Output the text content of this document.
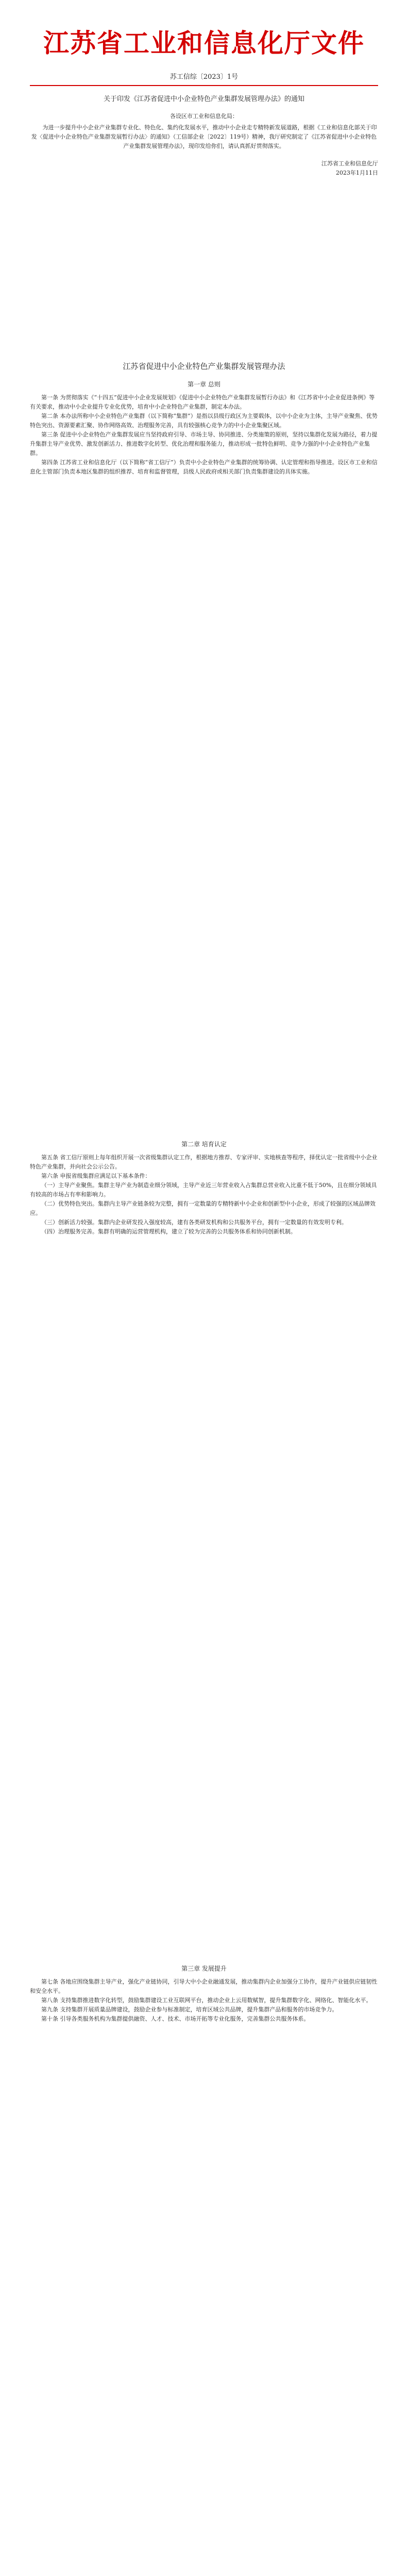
江苏省工业和信息化厅文件
苏工信综〔2023〕1号
关于印发《江苏省促进中小企业特色产业集群发展管理办法》的通知
各设区市工业和信息化局：

为进一步提升中小企业产业集群专业化、特色化、集约化发展水平，推动中小企业走专精特新发展道路，根据《工业和信息化部关于印发〈促进中小企业特色产业集群发展暂行办法〉的通知》（工信部企业〔2022〕119号）精神，我厅研究制定了《江苏省促进中小企业特色产业集群发展管理办法》，现印发给你们，请认真抓好贯彻落实。

江苏省工业和信息化厅
2023年1月11日
江苏省促进中小企业特色产业集群发展管理办法
第一章 总则

第一条 为贯彻落实《“十四五”促进中小企业发展规划》《促进中小企业特色产业集群发展暂行办法》和《江苏省中小企业促进条例》等有关要求，推动中小企业提升专业化优势，培育中小企业特色产业集群，制定本办法。

第二条 本办法所称中小企业特色产业集群（以下简称“集群”）是指以县级行政区为主要载体，以中小企业为主体，主导产业聚焦、优势特色突出、资源要素汇聚、协作网络高效、治理服务完善，具有较强核心竞争力的中小企业集聚区域。

第三条 促进中小企业特色产业集群发展应当坚持政府引导、市场主导、协同推进、分类施策的原则，坚持以集群化发展为路径，着力提升集群主导产业优势、激发创新活力、推进数字化转型、优化治理和服务能力，推动形成一批特色鲜明、竞争力强的中小企业特色产业集群。

第四条 江苏省工业和信息化厅（以下简称“省工信厅”）负责中小企业特色产业集群的统筹协调、认定管理和指导推进。设区市工业和信息化主管部门负责本地区集群的组织推荐、培育和监督管理，县级人民政府或相关部门负责集群建设的具体实施。

第二章 培育认定

第五条 省工信厅原则上每年组织开展一次省级集群认定工作，根据地方推荐、专家评审、实地核查等程序，择优认定一批省级中小企业特色产业集群，并向社会公示公告。

第六条 申报省级集群应满足以下基本条件：

（一）主导产业聚焦。集群主导产业为制造业细分领域，主导产业近三年营业收入占集群总营业收入比重不低于50%，且在细分领域具有较高的市场占有率和影响力。

（二）优势特色突出。集群内主导产业链条较为完整，拥有一定数量的专精特新中小企业和创新型中小企业，形成了较强的区域品牌效应。

（三）创新活力较强。集群内企业研发投入强度较高，建有各类研发机构和公共服务平台，拥有一定数量的有效发明专利。

（四）治理服务完善。集群有明确的运营管理机构，建立了较为完善的公共服务体系和协同创新机制。

第三章 发展提升

第七条 各地应围绕集群主导产业，强化产业链协同，引导大中小企业融通发展，推动集群内企业加强分工协作，提升产业链供应链韧性和安全水平。

第八条 支持集群推进数字化转型，鼓励集群建设工业互联网平台，推动企业上云用数赋智，提升集群数字化、网络化、智能化水平。

第九条 支持集群开展质量品牌建设，鼓励企业参与标准制定，培育区域公共品牌，提升集群产品和服务的市场竞争力。

第十条 引导各类服务机构为集群提供融资、人才、技术、市场开拓等专业化服务，完善集群公共服务体系。
